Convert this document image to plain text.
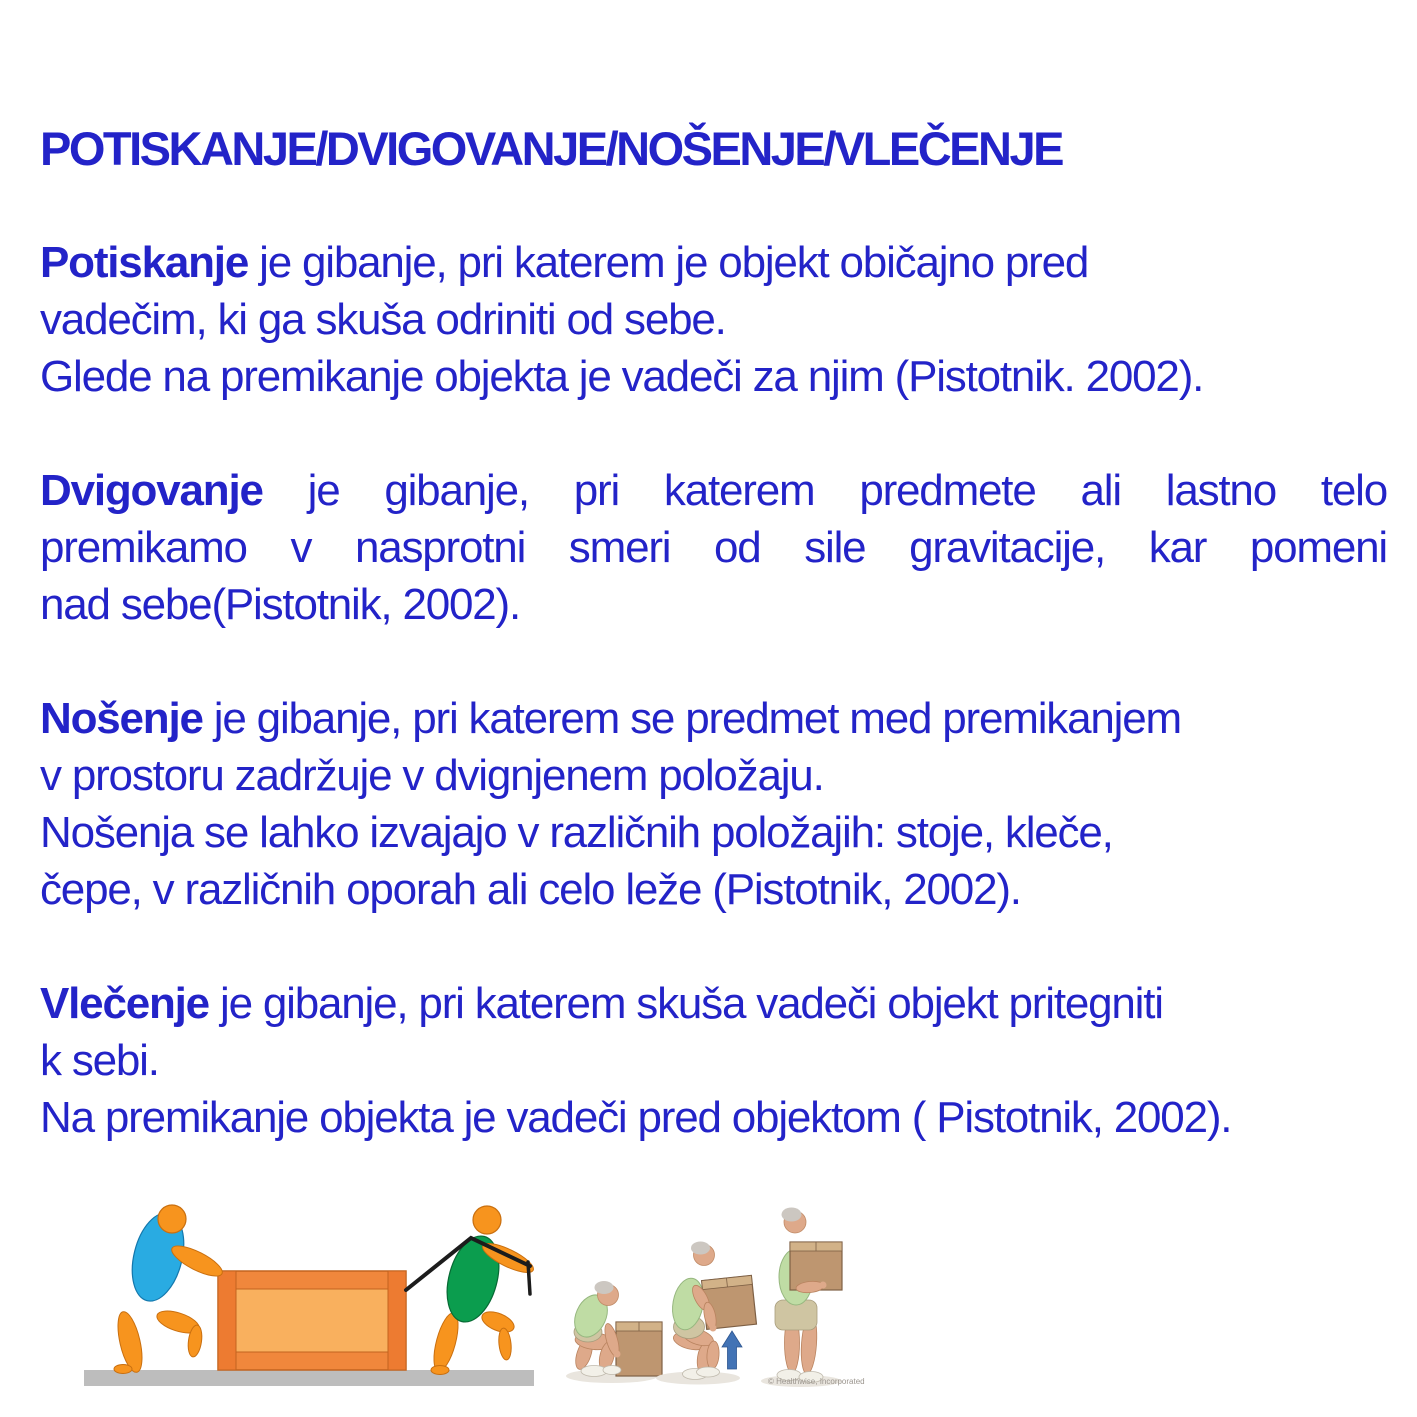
POTISKANJE/DVIGOVANJE/NOŠENJE/VLEČENJE
Potiskanje je gibanje, pri katerem je objekt običajno pred
vadečim, ki ga skuša odriniti od sebe.
Glede na premikanje objekta je vadeči za njim (Pistotnik. 2002).
Dvigovanje je gibanje, pri katerem predmete ali lastno telo
premikamo v nasprotni smeri od sile gravitacije, kar pomeni
nad sebe(Pistotnik, 2002).
Nošenje je gibanje, pri katerem se predmet med premikanjem
v prostoru zadržuje v dvignjenem položaju.
Nošenja se lahko izvajajo v različnih položajih: stoje, kleče,
čepe, v različnih oporah ali celo leže (Pistotnik, 2002).
Vlečenje je gibanje, pri katerem skuša vadeči objekt pritegniti
k sebi.
Na premikanje objekta je vadeči pred objektom ( Pistotnik, 2002).
© Healthwise, Incorporated
